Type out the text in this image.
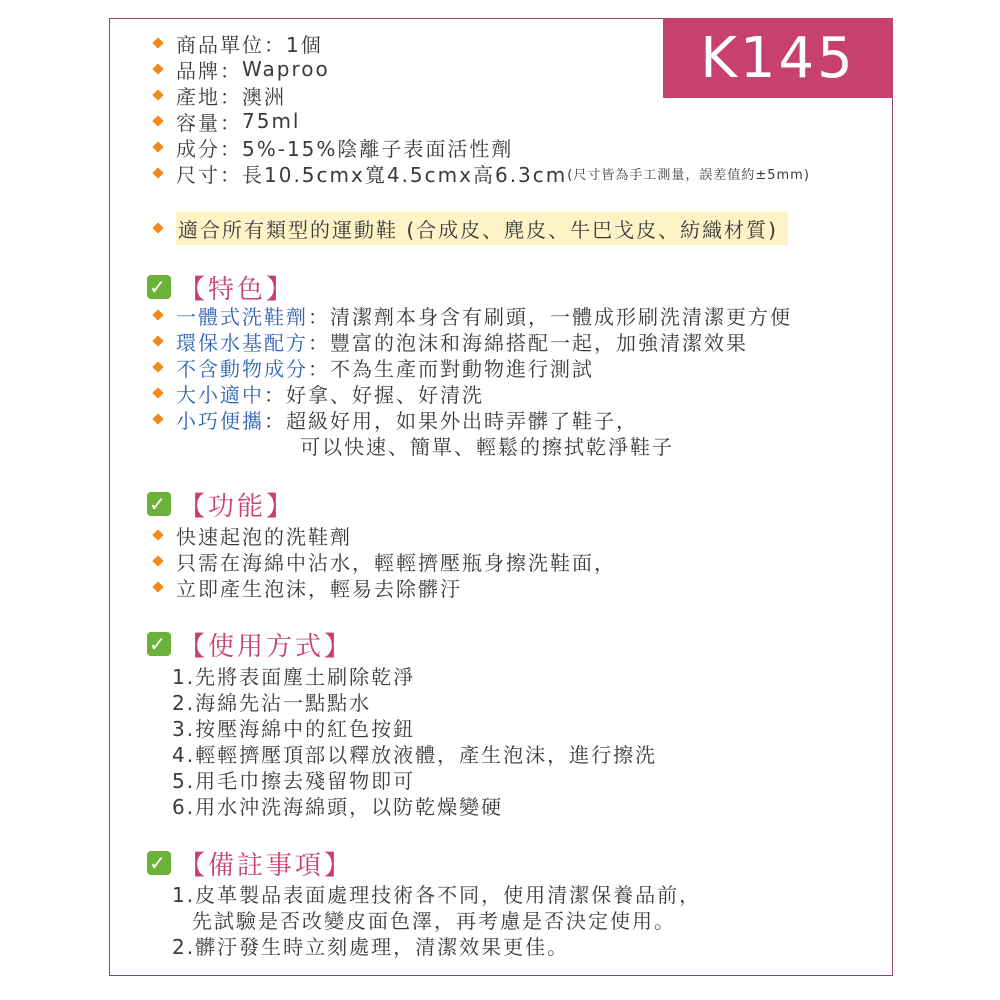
K145
商品單位 ： 1個
品牌 ： Waproo
產地 ： 澳洲
容量 ： 75ml
成分 ： 5%-15%陰離子表面活性劑
尺寸 ： 長10.5cmx寬4.5cmx高6.3cm (尺寸皆為手工測量，誤差值約±5mm)
適合所有類型的運動鞋 (合成皮、麂皮、牛巴戈皮、紡織材質)
✓ 【特色】
一體式洗鞋劑 ： 清潔劑本身含有刷頭，一體成形刷洗清潔更方便
環保水基配方 ： 豐富的泡沫和海綿搭配一起，加強清潔效果
不含動物成分 ： 不為生產而對動物進行測試
大小適中 ： 好拿、好握、好清洗
小巧便攜 ： 超級好用，如果外出時弄髒了鞋子，
可以快速、簡單、輕鬆的擦拭乾淨鞋子
✓ 【功能】
快速起泡的洗鞋劑
只需在海綿中沾水，輕輕擠壓瓶身擦洗鞋面，
立即產生泡沫，輕易去除髒汙
✓ 【使用方式】
1.先將表面塵土刷除乾淨
2.海綿先沾一點點水
3.按壓海綿中的紅色按鈕
4.輕輕擠壓頂部以釋放液體，產生泡沫，進行擦洗
5.用毛巾擦去殘留物即可
6.用水沖洗海綿頭，以防乾燥變硬
✓ 【備註事項】
1.皮革製品表面處理技術各不同，使用清潔保養品前，
先試驗是否改變皮面色澤，再考慮是否決定使用。
2.髒汙發生時立刻處理，清潔效果更佳。
